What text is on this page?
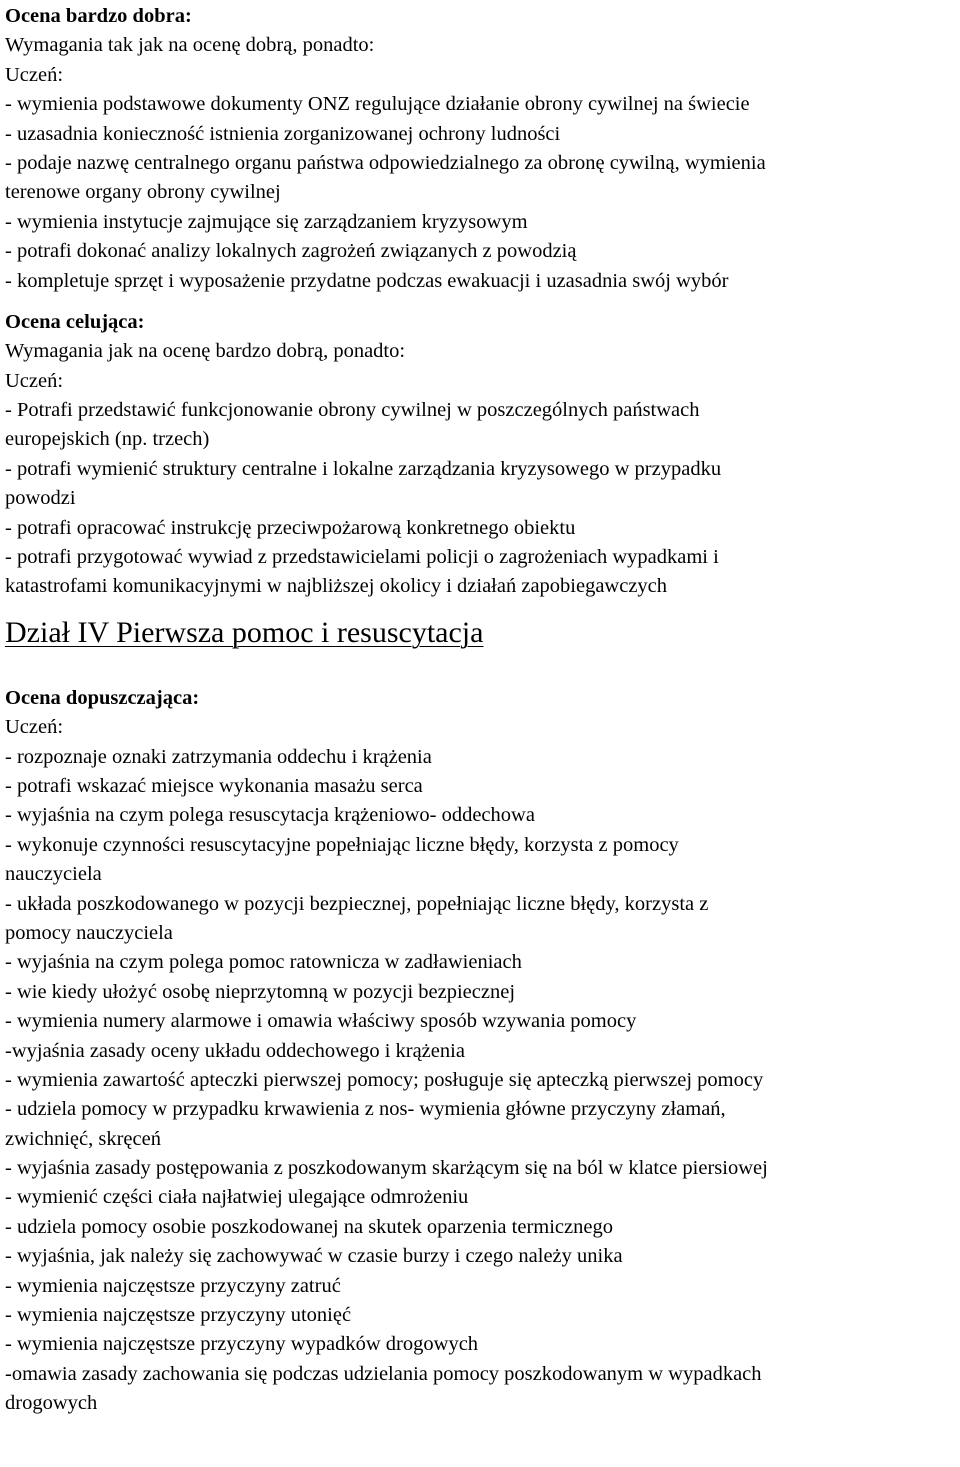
Ocena bardzo dobra:
Wymagania tak jak na ocenę dobrą, ponadto:
Uczeń:
- wymienia podstawowe dokumenty ONZ regulujące działanie obrony cywilnej na świecie
- uzasadnia konieczność istnienia zorganizowanej ochrony ludności
- podaje nazwę centralnego organu państwa odpowiedzialnego za obronę cywilną, wymienia
terenowe organy obrony cywilnej
- wymienia instytucje zajmujące się zarządzaniem kryzysowym
- potrafi dokonać analizy lokalnych zagrożeń związanych z powodzią
- kompletuje sprzęt i wyposażenie przydatne podczas ewakuacji i uzasadnia swój wybór
Ocena celująca:
Wymagania jak na ocenę bardzo dobrą, ponadto:
Uczeń:
- Potrafi przedstawić funkcjonowanie obrony cywilnej w poszczególnych państwach
europejskich (np. trzech)
- potrafi wymienić struktury centralne i lokalne zarządzania kryzysowego w przypadku
powodzi
- potrafi opracować instrukcję przeciwpożarową konkretnego obiektu
- potrafi przygotować wywiad z przedstawicielami policji o zagrożeniach wypadkami i
katastrofami komunikacyjnymi w najbliższej okolicy i działań zapobiegawczych
Dział IV Pierwsza pomoc i resuscytacja
Ocena dopuszczająca:
Uczeń:
- rozpoznaje oznaki zatrzymania oddechu i krążenia
- potrafi wskazać miejsce wykonania masażu serca
- wyjaśnia na czym polega resuscytacja krążeniowo- oddechowa
- wykonuje czynności resuscytacyjne popełniając liczne błędy, korzysta z pomocy
nauczyciela
- układa poszkodowanego w pozycji bezpiecznej, popełniając liczne błędy, korzysta z
pomocy nauczyciela
- wyjaśnia na czym polega pomoc ratownicza w zadławieniach
- wie kiedy ułożyć osobę nieprzytomną w pozycji bezpiecznej
- wymienia numery alarmowe i omawia właściwy sposób wzywania pomocy
-wyjaśnia zasady oceny układu oddechowego i krążenia
- wymienia zawartość apteczki pierwszej pomocy; posługuje się apteczką pierwszej pomocy
- udziela pomocy w przypadku krwawienia z nos- wymienia główne przyczyny złamań,
zwichnięć, skręceń
- wyjaśnia zasady postępowania z poszkodowanym skarżącym się na ból w klatce piersiowej
- wymienić części ciała najłatwiej ulegające odmrożeniu
- udziela pomocy osobie poszkodowanej na skutek oparzenia termicznego
- wyjaśnia, jak należy się zachowywać w czasie burzy i czego należy unika
- wymienia najczęstsze przyczyny zatruć
- wymienia najczęstsze przyczyny utonięć
- wymienia najczęstsze przyczyny wypadków drogowych
-omawia zasady zachowania się podczas udzielania pomocy poszkodowanym w wypadkach
drogowych
